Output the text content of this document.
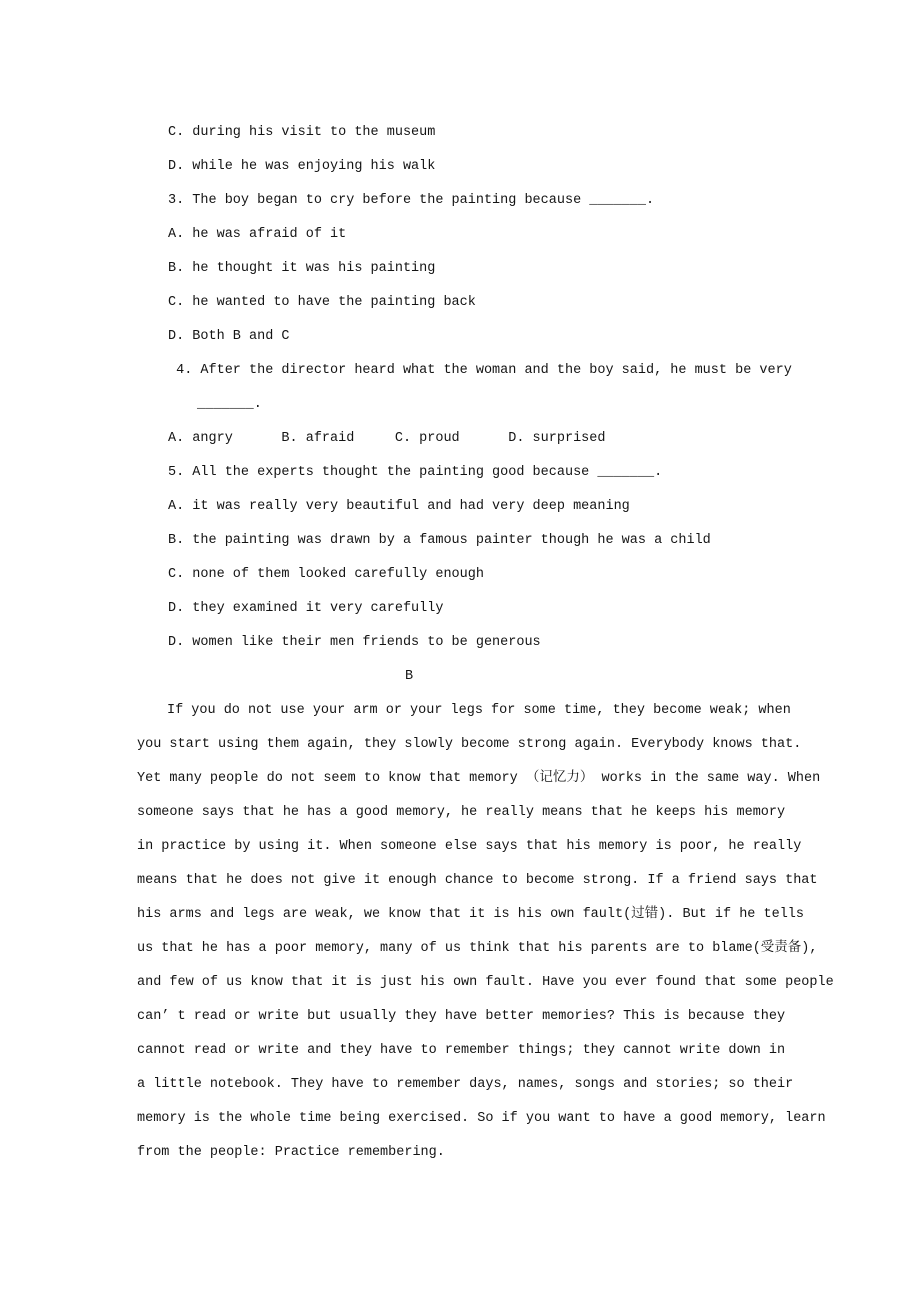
C. during his visit to the museum
D. while he was enjoying his walk
3. The boy began to cry before the painting because _______.
A. he was afraid of it
B. he thought it was his painting
C. he wanted to have the painting back
D. Both B and C
4. After the director heard what the woman and the boy said, he must be very
_______.
A. angry      B. afraid     C. proud      D. surprised
5. All the experts thought the painting good because _______.
A. it was really very beautiful and had very deep meaning
B. the painting was drawn by a famous painter though he was a child
C. none of them looked carefully enough
D. they examined it very carefully
D. women like their men friends to be generous
B
If you do not use your arm or your legs for some time, they become weak; when
you start using them again, they slowly become strong again. Everybody knows that.
Yet many people do not seem to know that memory （记忆力） works in the same way. When
someone says that he has a good memory, he really means that he keeps his memory
in practice by using it. When someone else says that his memory is poor, he really
means that he does not give it enough chance to become strong. If a friend says that
his arms and legs are weak, we know that it is his own fault(过错). But if he tells
us that he has a poor memory, many of us think that his parents are to blame(受责备),
and few of us know that it is just his own fault. Have you ever found that some people
can’ t read or write but usually they have better memories? This is because they
cannot read or write and they have to remember things; they cannot write down in
a little notebook. They have to remember days, names, songs and stories; so their
memory is the whole time being exercised. So if you want to have a good memory, learn
from the people: Practice remembering.
